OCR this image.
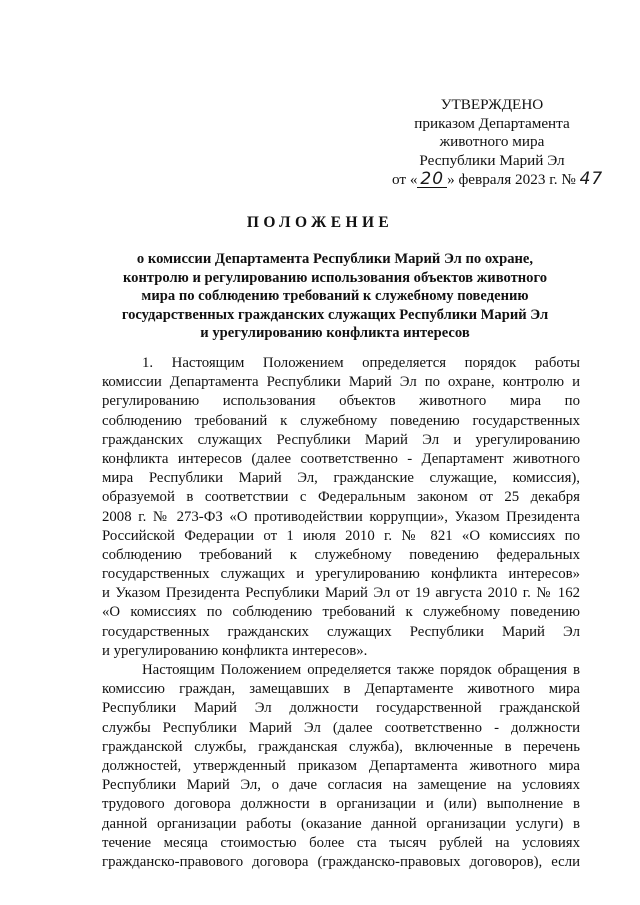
УТВЕРЖДЕНО
приказом Департамента
животного мира
Республики Марий Эл
от « 20 » февраля 2023 г. № 47
ПОЛОЖЕНИЕ
о комиссии Департамента Республики Марий Эл по охране,
контролю и регулированию использования объектов животного
мира по соблюдению требований к служебному поведению
государственных гражданских служащих Республики Марий Эл
и урегулированию конфликта интересов
1. Настоящим Положением определяется порядок работы
комиссии Департамента Республики Марий Эл по охране, контролю и
регулированию использования объектов животного мира по
соблюдению требований к служебному поведению государственных
гражданских служащих Республики Марий Эл и урегулированию
конфликта интересов (далее соответственно - Департамент животного
мира Республики Марий Эл, гражданские служащие, комиссия),
образуемой в соответствии с Федеральным законом от 25 декабря
2008 г. № 273-ФЗ «О противодействии коррупции», Указом Президента
Российской Федерации от 1 июля 2010 г. № 821 «О комиссиях по
соблюдению требований к служебному поведению федеральных
государственных служащих и урегулированию конфликта интересов»
и Указом Президента Республики Марий Эл от 19 августа 2010 г. № 162
«О комиссиях по соблюдению требований к служебному поведению
государственных гражданских служащих Республики Марий Эл
и урегулированию конфликта интересов».
Настоящим Положением определяется также порядок обращения в
комиссию граждан, замещавших в Департаменте животного мира
Республики Марий Эл должности государственной гражданской
службы Республики Марий Эл (далее соответственно - должности
гражданской службы, гражданская служба), включенные в перечень
должностей, утвержденный приказом Департамента животного мира
Республики Марий Эл, о даче согласия на замещение на условиях
трудового договора должности в организации и (или) выполнение в
данной организации работы (оказание данной организации услуги) в
течение месяца стоимостью более ста тысяч рублей на условиях
гражданско-правового договора (гражданско-правовых договоров), если
